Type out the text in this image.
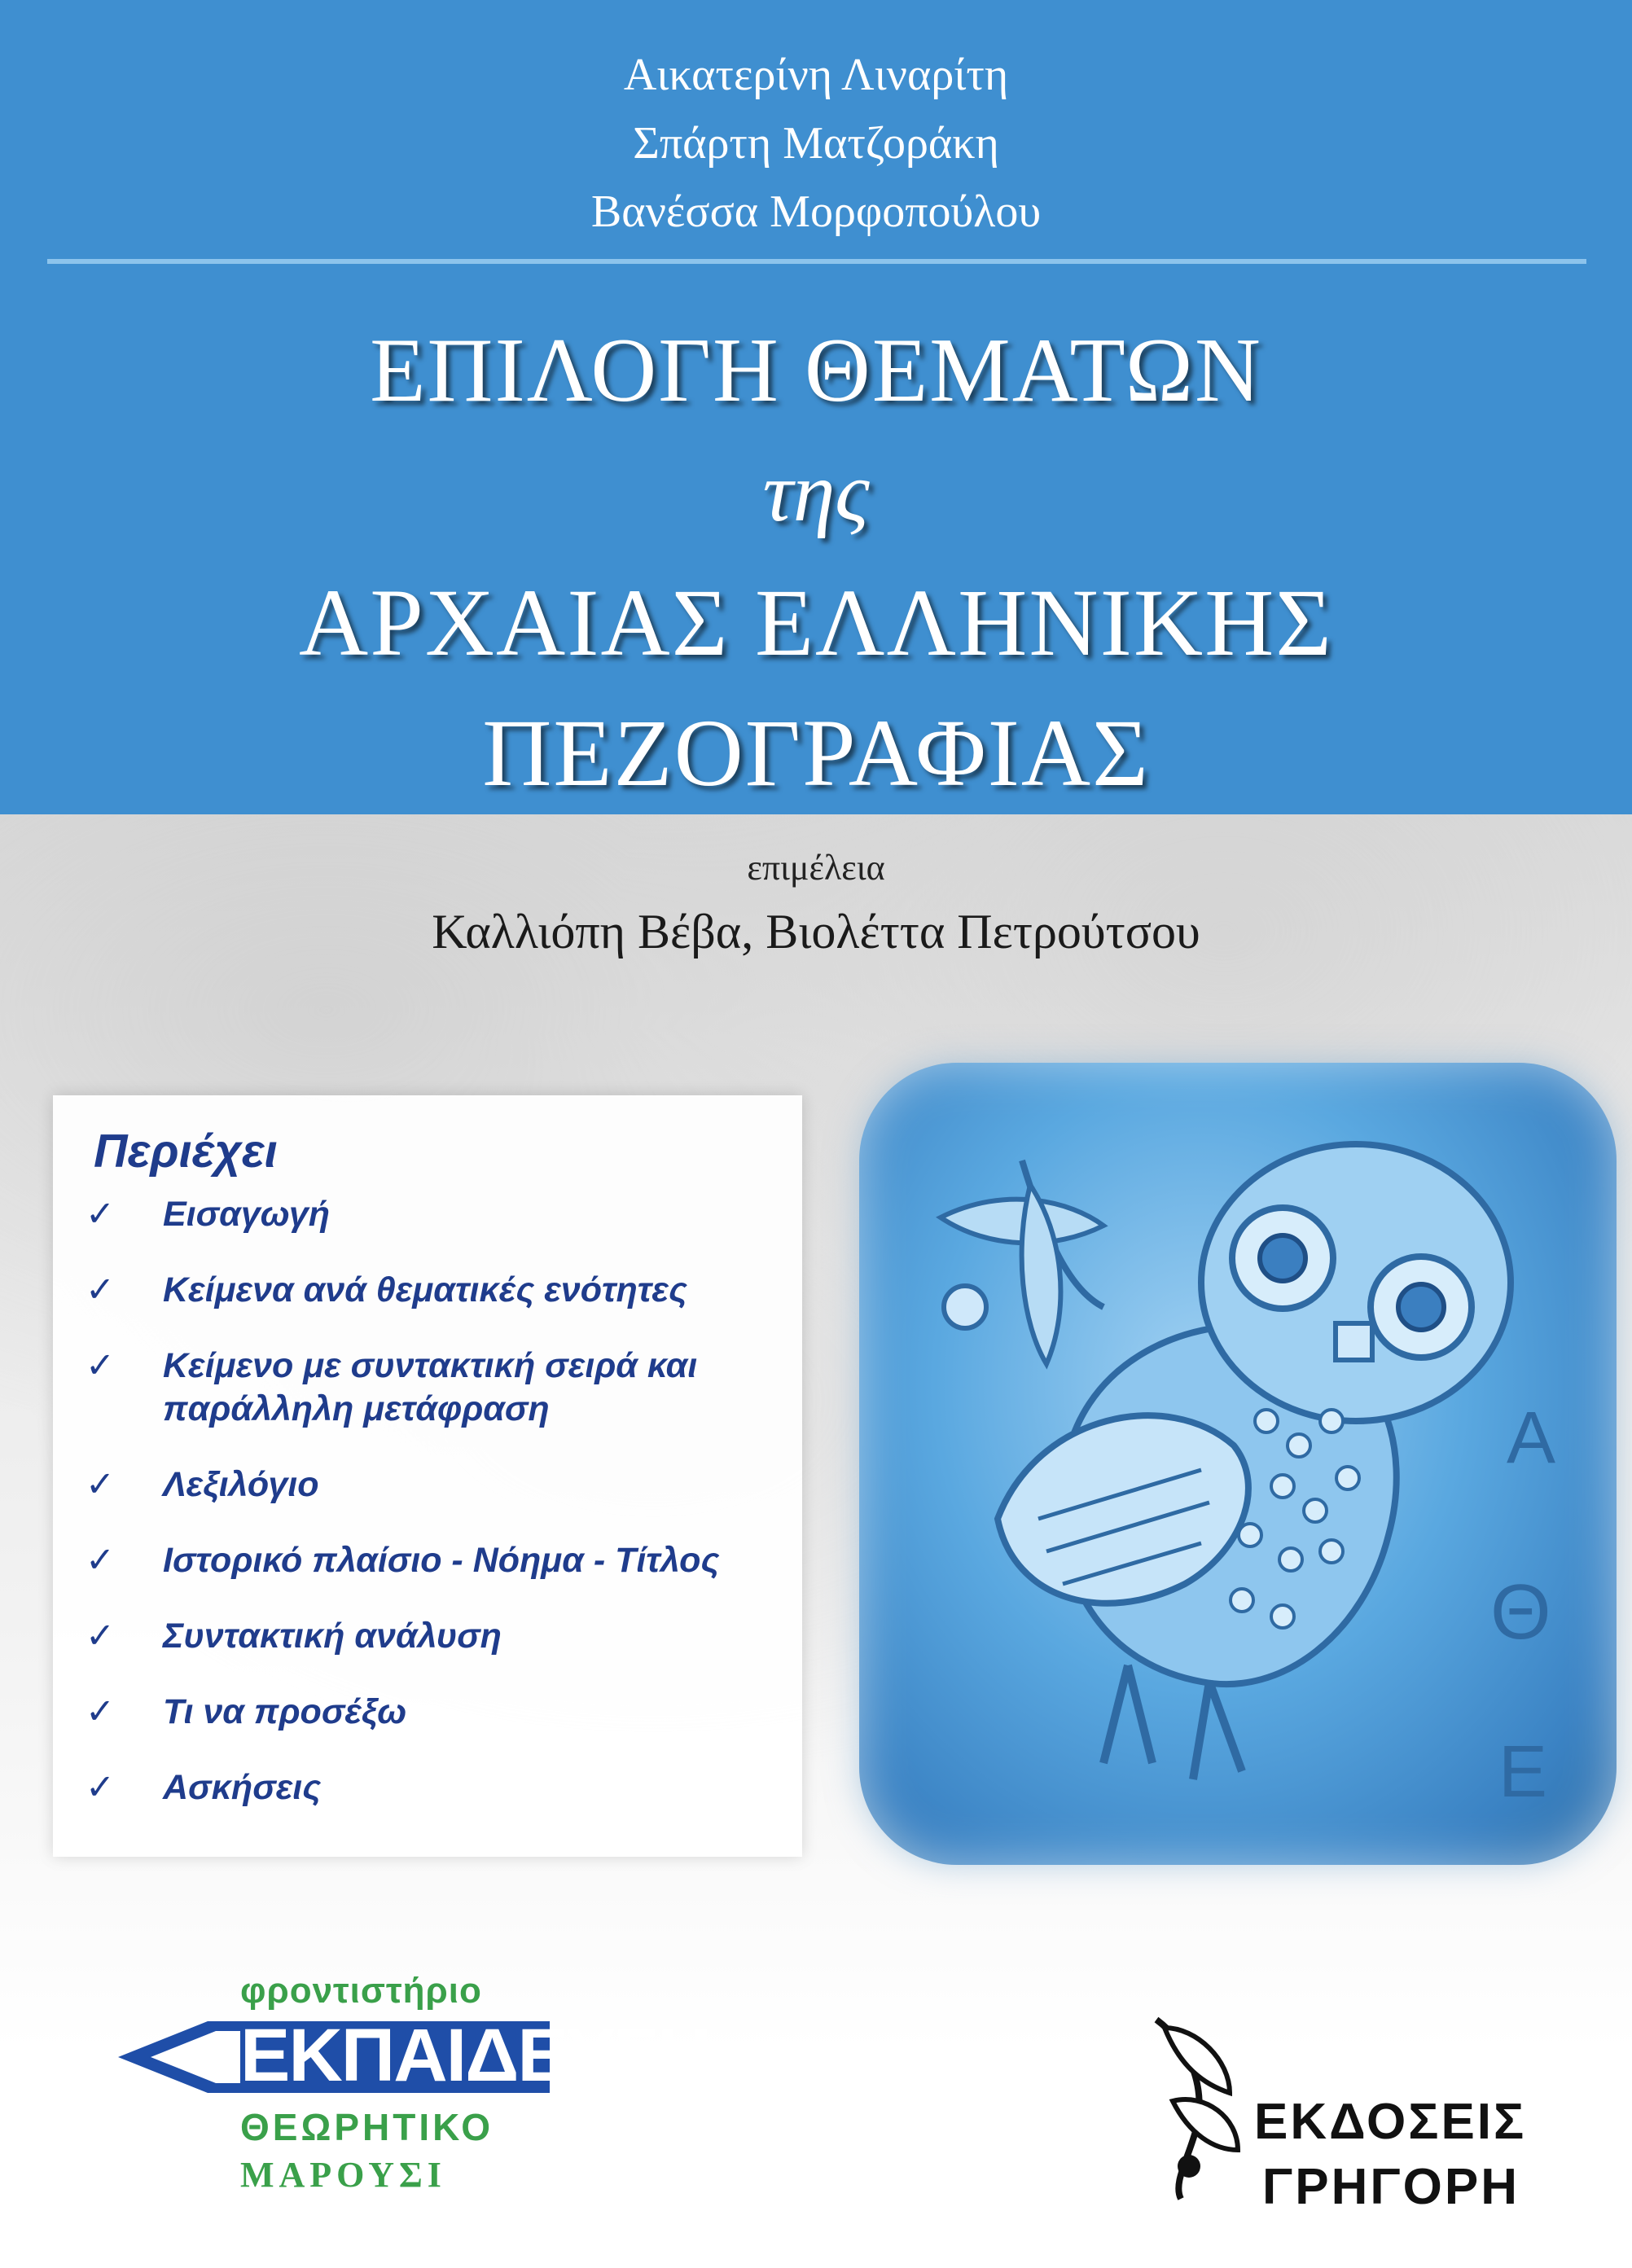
Αικατερίνη Λιναρίτη
Σπάρτη Ματζοράκη
Βανέσσα Μορφοπούλου
ΕΠΙΛΟΓΗ ΘΕΜΑΤΩΝ
της
ΑΡΧΑΙΑΣ ΕΛΛΗΝΙΚΗΣ
ΠΕΖΟΓΡΑΦΙΑΣ
επιμέλεια
Καλλιόπη Βέβα, Βιολέττα Πετρούτσου
Α
Θ
Ε
Περιέχει
✓ Εισαγωγή
✓ Κείμενα ανά θεματικές ενότητες
✓ Κείμενο με συντακτική σειρά και παράλληλη μετάφραση
✓ Λεξιλόγιο
✓ Ιστορικό πλαίσιο - Νόημα - Τίτλος
✓ Συντακτική ανάλυση
✓ Τι να προσέξω
✓ Ασκήσεις
φροντιστήριο
ΕΚΠΑΙΔΕΥΣΗ
ΘΕΩΡΗΤΙΚΟ
ΜΑΡΟΥΣΙ
ΕΚΔΟΣΕΙΣ
ΓΡΗΓΟΡΗ
